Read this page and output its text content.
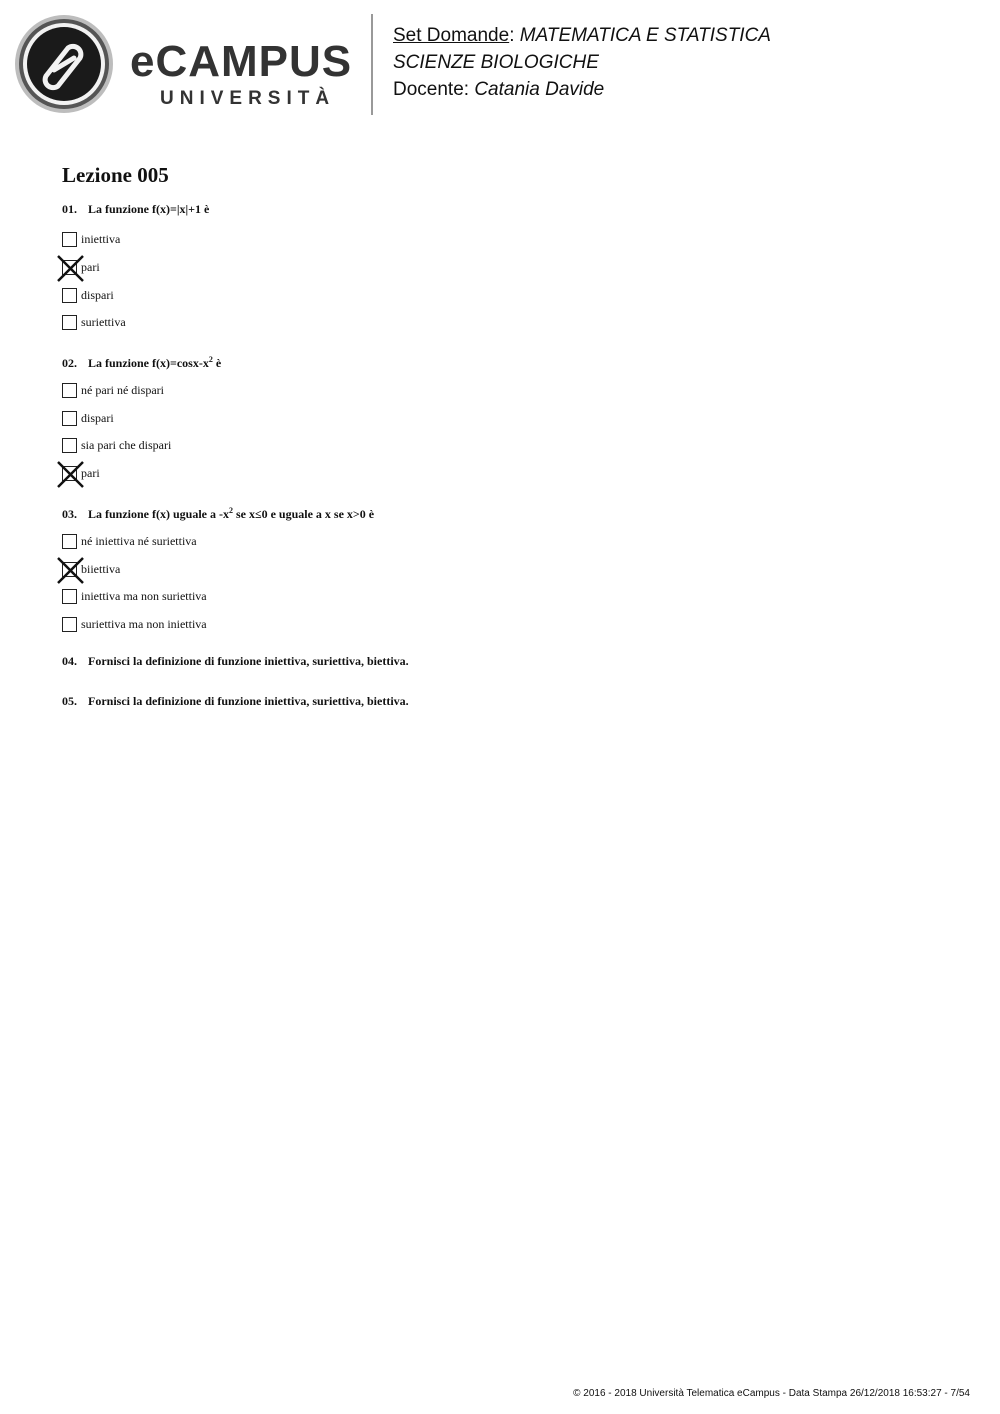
eCAMPUS
UNIVERSITÀ
Set Domande: MATEMATICA E STATISTICA
SCIENZE BIOLOGICHE
Docente: Catania Davide
Lezione 005
01. La funzione f(x)=|x|+1 è
iniettiva
pari
dispari
suriettiva
02. La funzione $f(x)=\cos x-x^2$ è
né pari né dispari
dispari
sia pari che dispari
pari
03. La funzione f(x) uguale a $-x^2$ se x≤0 e uguale a x se x>0 è
né iniettiva né suriettiva
biiettiva
iniettiva ma non suriettiva
suriettiva ma non iniettiva
04. Fornisci la definizione di funzione iniettiva, suriettiva, biettiva.
05. Fornisci la definizione di funzione iniettiva, suriettiva, biettiva.
© 2016 - 2018 Università Telematica eCampus - Data Stampa 26/12/2018 16:53:27 - 7/54
